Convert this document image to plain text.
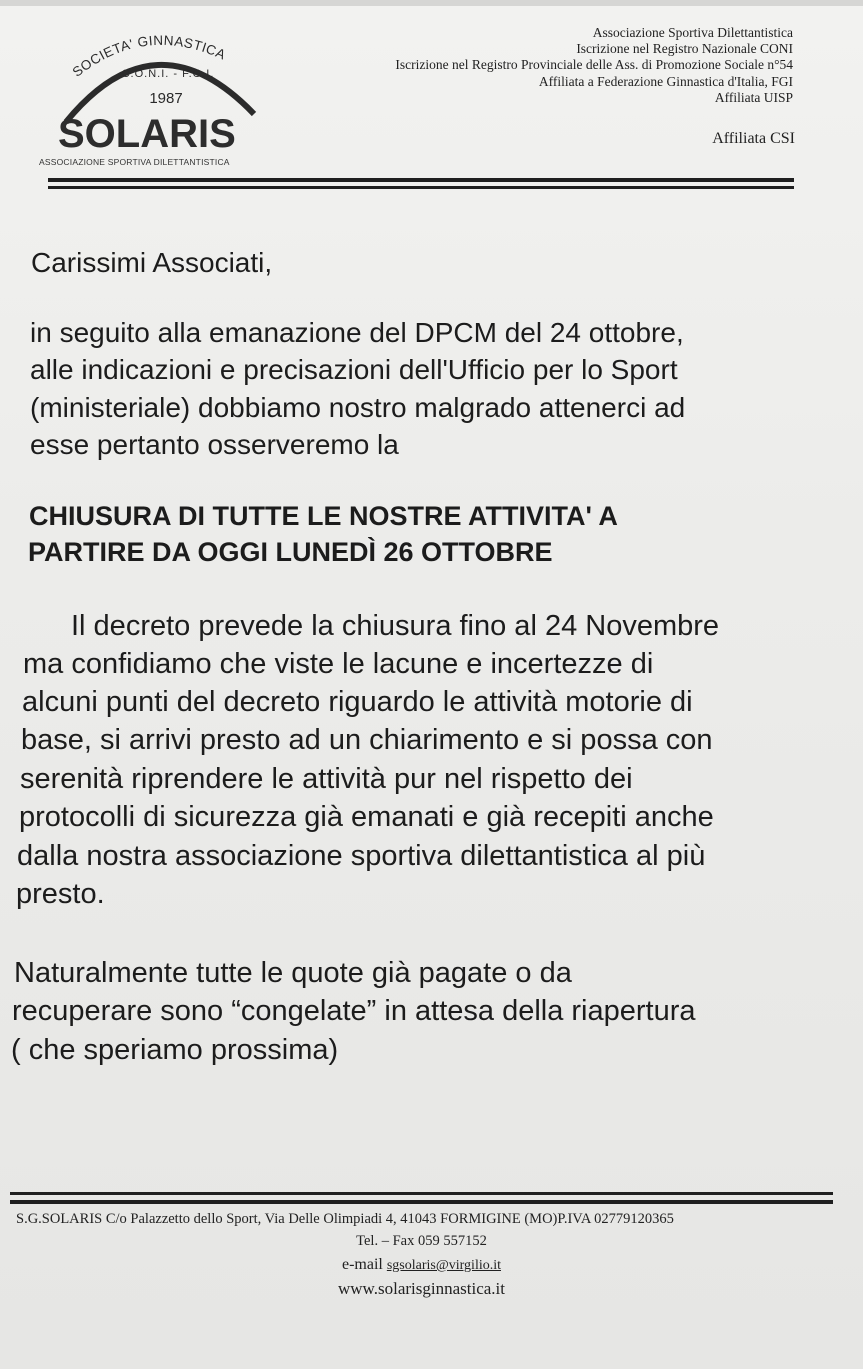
SOCIETA' GINNASTICA
C.O.N.I. - F.G.I.
1987
SOLARIS
ASSOCIAZIONE SPORTIVA DILETTANTISTICA
Associazione Sportiva Dilettantistica
Iscrizione nel Registro Nazionale CONI
Iscrizione nel Registro Provinciale delle Ass. di Promozione Sociale n°54
Affiliata a Federazione Ginnastica d'Italia, FGI
Affiliata UISP
Affiliata CSI
Carissimi Associati,
in seguito alla emanazione del DPCM del 24 ottobre,
alle indicazioni e precisazioni dell'Ufficio per lo Sport
(ministeriale) dobbiamo nostro malgrado attenerci ad
esse pertanto osserveremo la
CHIUSURA DI TUTTE LE NOSTRE ATTIVITA' A
PARTIRE DA OGGI LUNEDÌ 26 OTTOBRE
Il decreto prevede la chiusura fino al 24 Novembre
ma confidiamo che viste le lacune e incertezze di
alcuni punti del decreto riguardo le attività motorie di
base, si arrivi presto ad un chiarimento e si possa con
serenità riprendere le attività pur nel rispetto dei
protocolli di sicurezza già emanati e già recepiti anche
dalla nostra associazione sportiva dilettantistica al più
presto.
Naturalmente tutte le quote già pagate o da
recuperare sono “congelate” in attesa della riapertura
( che speriamo prossima)
S.G.SOLARIS C/o Palazzetto dello Sport, Via Delle Olimpiadi 4, 41043 FORMIGINE (MO)P.IVA 02779120365
Tel. – Fax 059 557152
e-mail sgsolaris@virgilio.it
www.solarisginnastica.it
